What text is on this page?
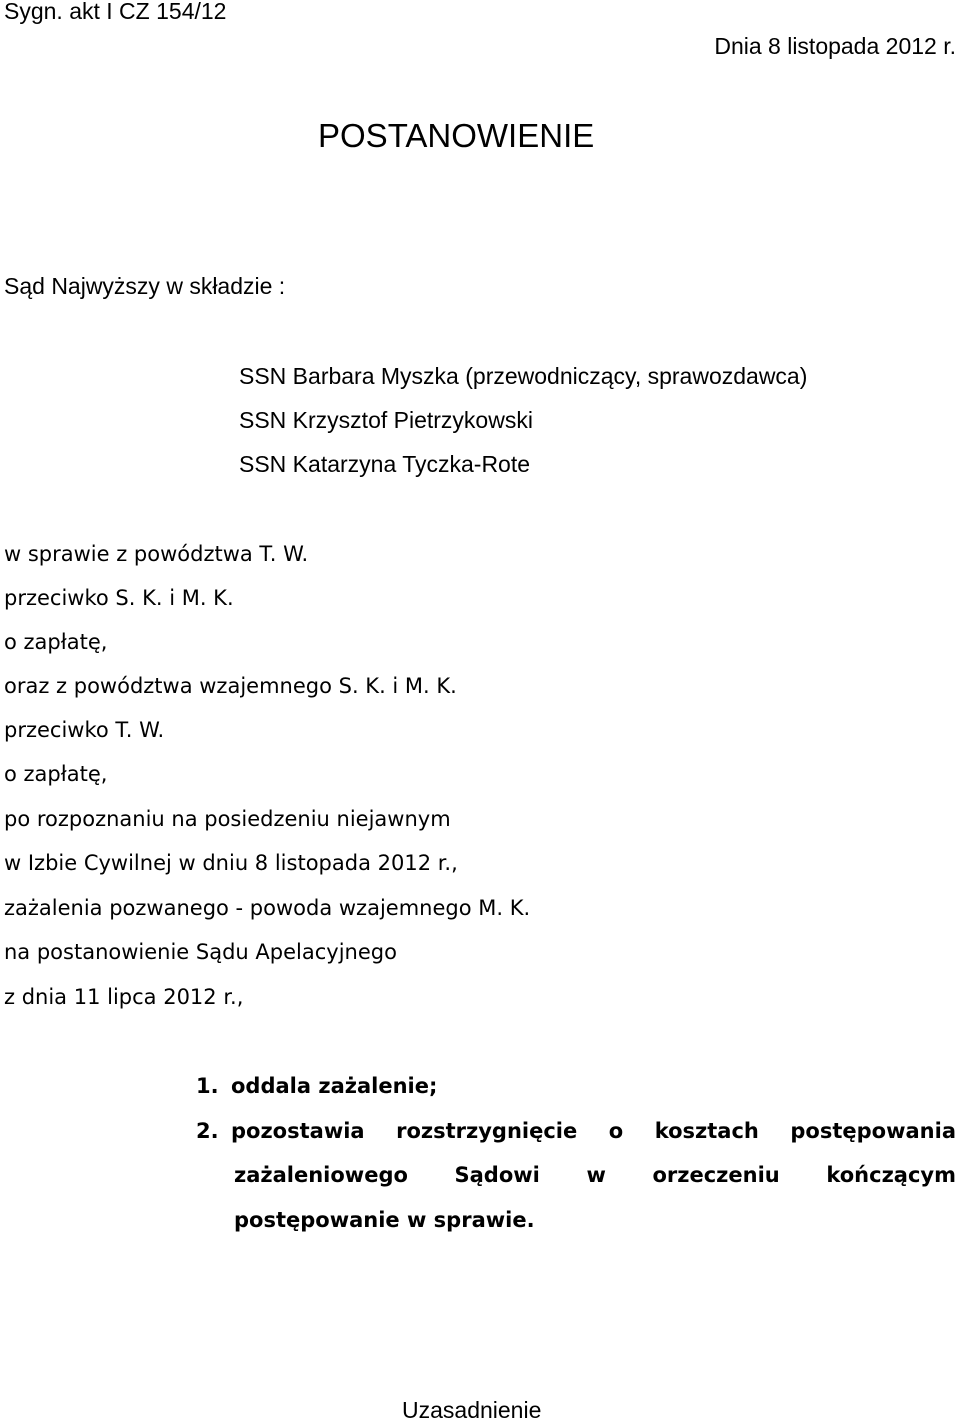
Sygn. akt I CZ 154/12
POSTANOWIENIE
Dnia 8 listopada 2012 r.
Sąd Najwyższy w składzie :
SSN Barbara Myszka (przewodniczący, sprawozdawca)
SSN Krzysztof Pietrzykowski
SSN Katarzyna Tyczka-Rote
w sprawie z powództwa T. W.
przeciwko S. K. i M. K.
o zapłatę,
oraz z powództwa wzajemnego S. K. i M. K.
przeciwko T. W.
o zapłatę,
po rozpoznaniu na posiedzeniu niejawnym
w Izbie Cywilnej w dniu 8 listopada 2012 r.,
zażalenia pozwanego - powoda wzajemnego M. K.
na postanowienie Sądu Apelacyjnego
z dnia 11 lipca 2012 r.,
1. oddala zażalenie;
2. pozostawia rozstrzygnięcie o kosztach postępowania
zażaleniowego Sądowi w orzeczeniu kończącym
postępowanie w sprawie.
Uzasadnienie
